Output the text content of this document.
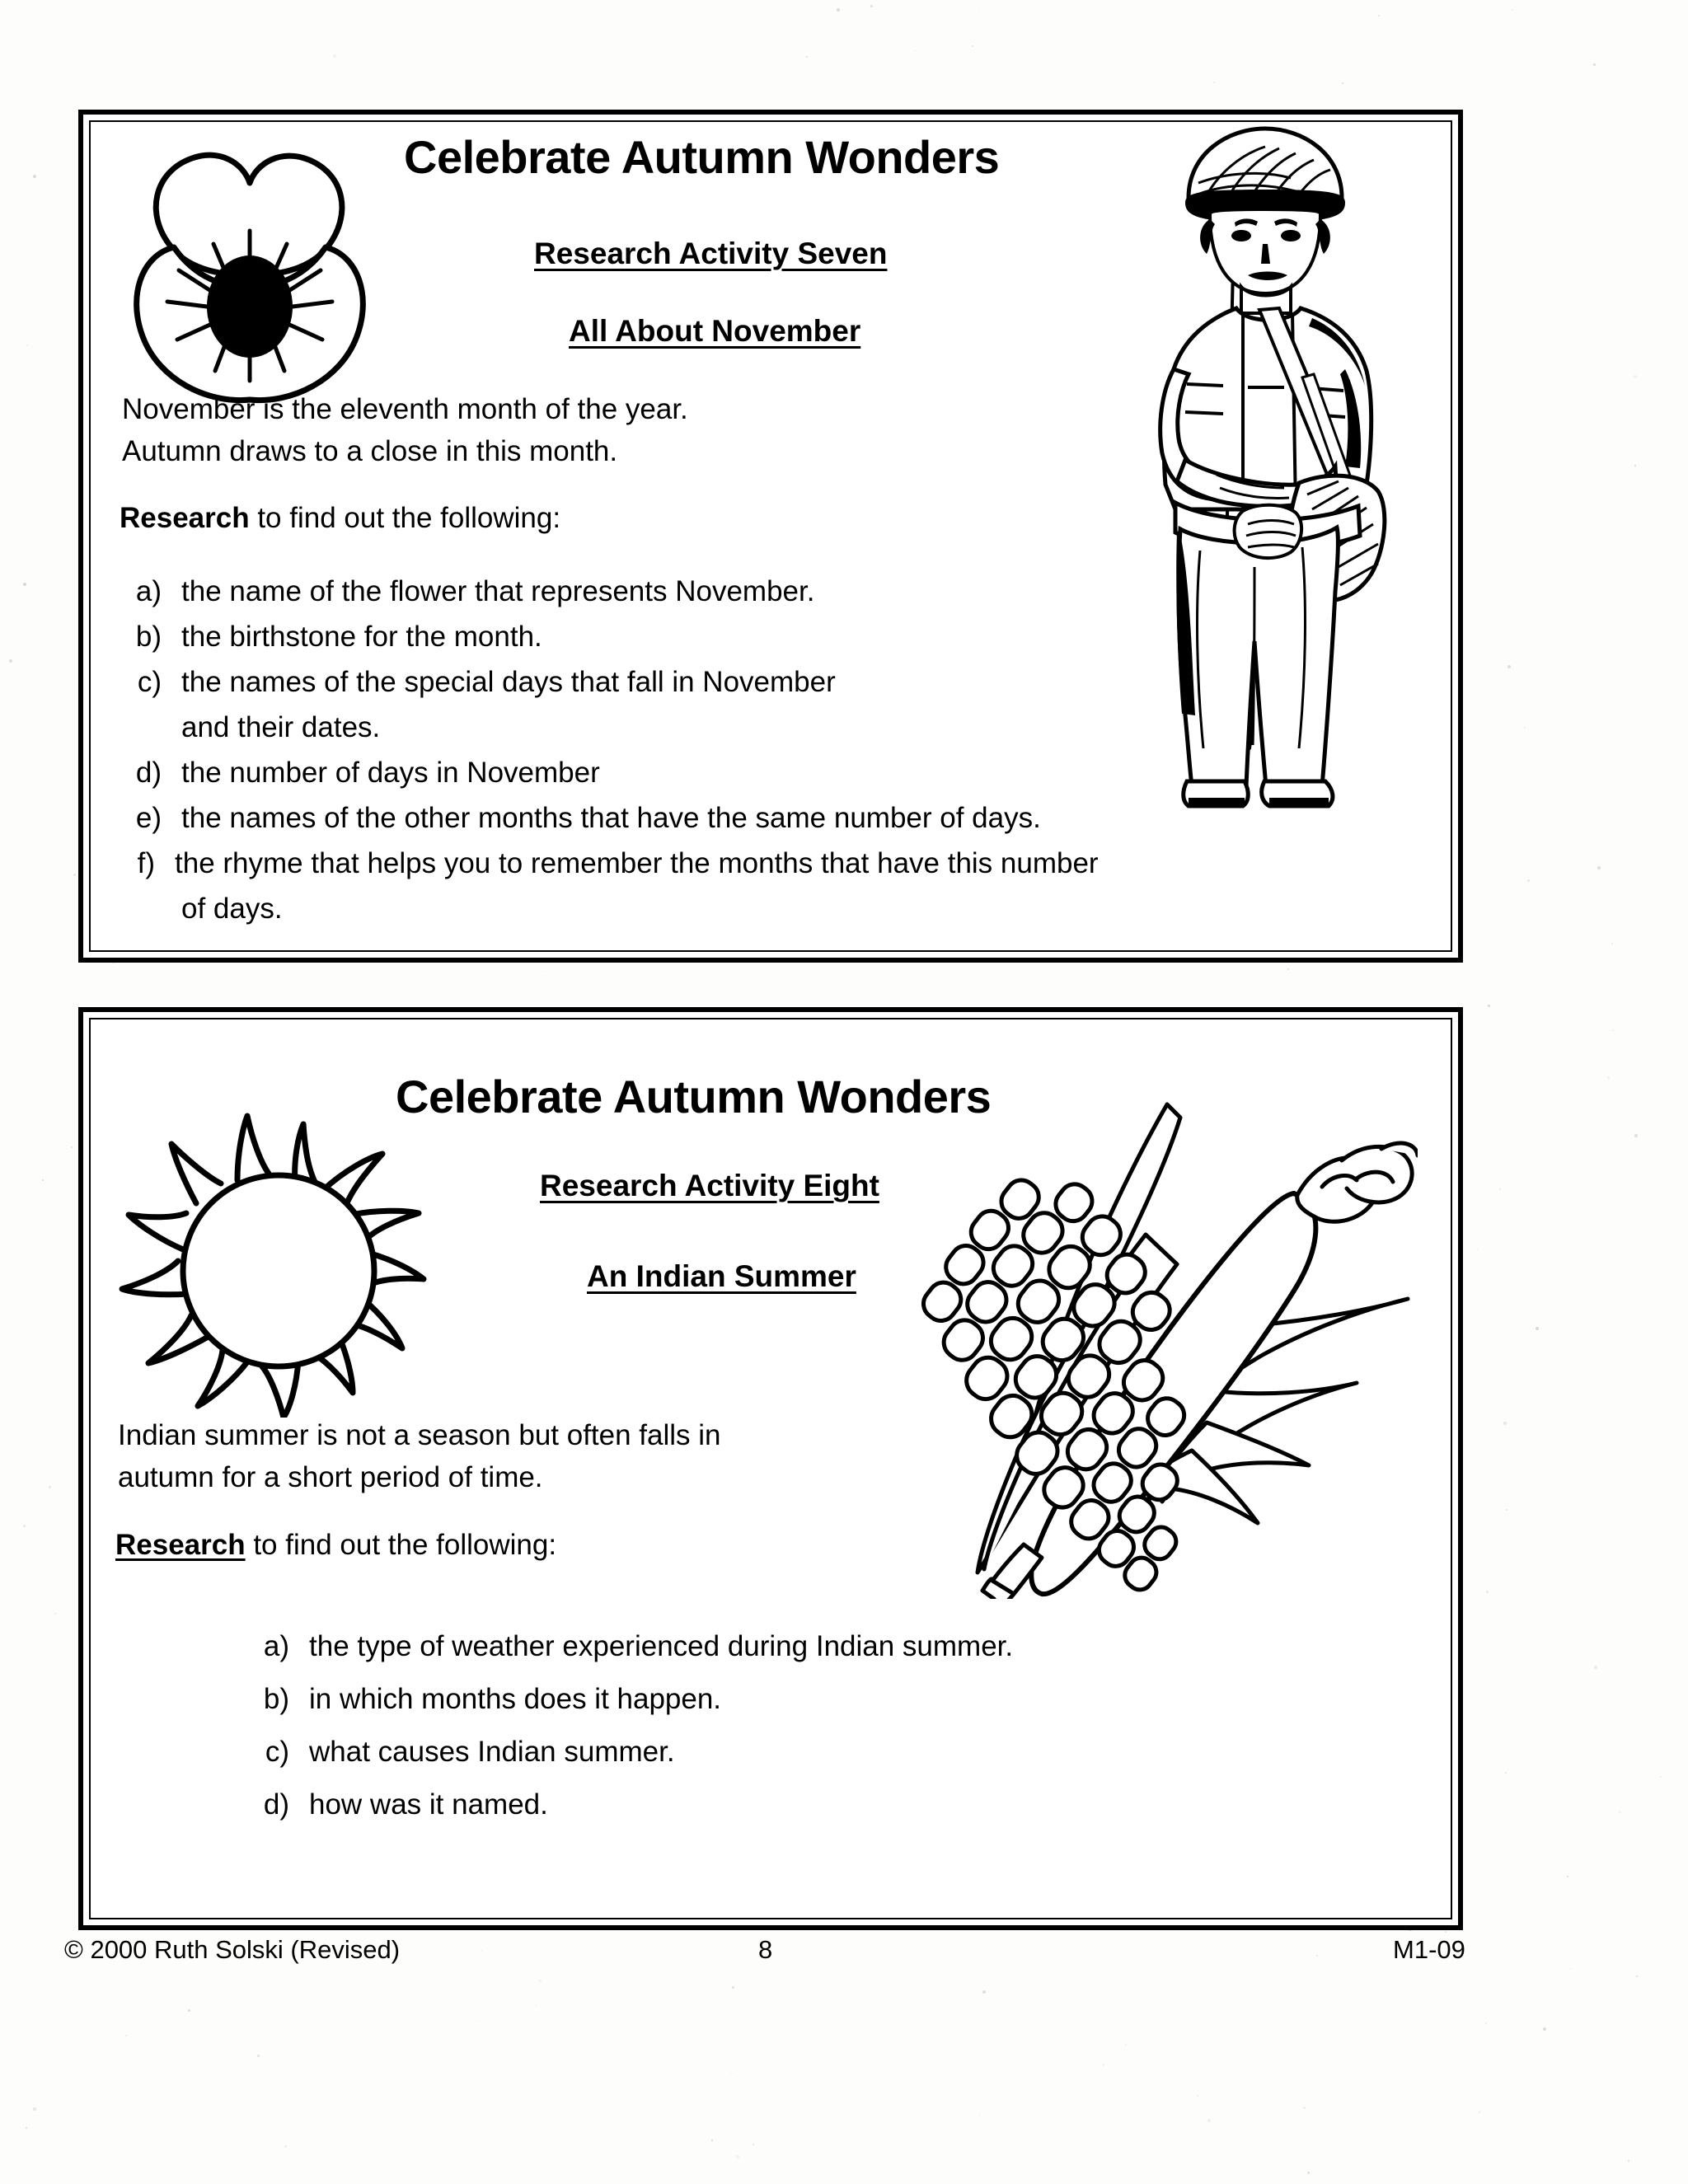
Celebrate Autumn Wonders
Research Activity Seven
All About November
November is the eleventh month of the year.
Autumn draws to a close in this month.
Research to find out the following:
a) the name of the flower that represents November.
b) the birthstone for the month.
c) the names of the special days that fall in November
and their dates.
d) the number of days in November
e) the names of the other months that have the same number of days.
f) the rhyme that helps you to remember the months that have this number
of days.
Celebrate Autumn Wonders
Research Activity Eight
An Indian Summer
Indian summer is not a season but often falls in
autumn for a short period of time.
Research to find out the following:
a) the type of weather experienced during Indian summer.
b) in which months does it happen.
c) what causes Indian summer.
d) how was it named.
© 2000 Ruth Solski (Revised)	8	M1-09
